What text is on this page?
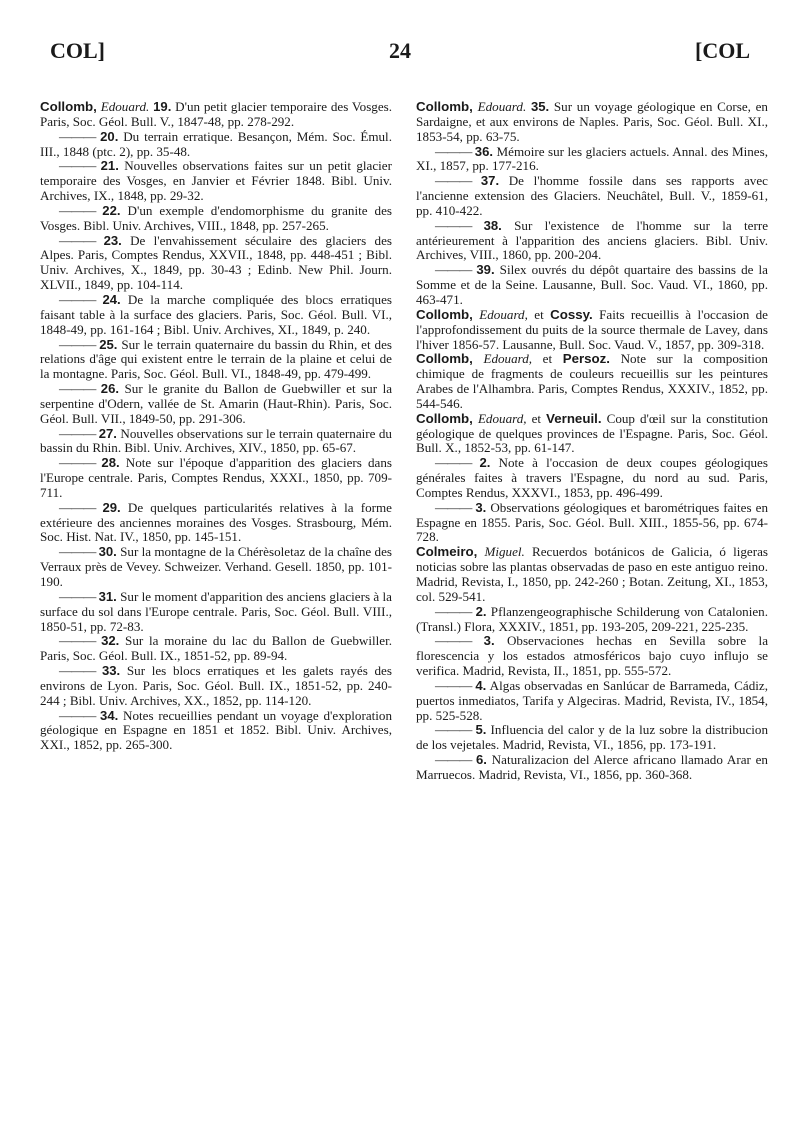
COL]	24	[COL

Collomb, Edouard. 19. D'un petit glacier temporaire des Vosges. Paris, Soc. Géol. Bull. V., 1847-48, pp. 278-292.

——— 20. Du terrain erratique. Besançon, Mém. Soc. Émul. III., 1848 (ptc. 2), pp. 35-48.

——— 21. Nouvelles observations faites sur un petit glacier temporaire des Vosges, en Janvier et Février 1848. Bibl. Univ. Archives, IX., 1848, pp. 29-32.

——— 22. D'un exemple d'endomorphisme du granite des Vosges. Bibl. Univ. Archives, VIII., 1848, pp. 257-265.

——— 23. De l'envahissement séculaire des glaciers des Alpes. Paris, Comptes Rendus, XXVII., 1848, pp. 448-451 ; Bibl. Univ. Archives, X., 1849, pp. 30-43 ; Edinb. New Phil. Journ. XLVII., 1849, pp. 104-114.

——— 24. De la marche compliquée des blocs erratiques faisant table à la surface des glaciers. Paris, Soc. Géol. Bull. VI., 1848-49, pp. 161-164 ; Bibl. Univ. Archives, XI., 1849, p. 240.

——— 25. Sur le terrain quaternaire du bassin du Rhin, et des relations d'âge qui existent entre le terrain de la plaine et celui de la montagne. Paris, Soc. Géol. Bull. VI., 1848-49, pp. 479-499.

——— 26. Sur le granite du Ballon de Guebwiller et sur la serpentine d'Odern, vallée de St. Amarin (Haut-Rhin). Paris, Soc. Géol. Bull. VII., 1849-50, pp. 291-306.

——— 27. Nouvelles observations sur le terrain quaternaire du bassin du Rhin. Bibl. Univ. Archives, XIV., 1850, pp. 65-67.

——— 28. Note sur l'époque d'apparition des glaciers dans l'Europe centrale. Paris, Comptes Rendus, XXXI., 1850, pp. 709-711.

——— 29. De quelques particularités relatives à la forme extérieure des anciennes moraines des Vosges. Strasbourg, Mém. Soc. Hist. Nat. IV., 1850, pp. 145-151.

——— 30. Sur la montagne de la Chérèsoletaz de la chaîne des Verraux près de Vevey. Schweizer. Verhand. Gesell. 1850, pp. 101-190.

——— 31. Sur le moment d'apparition des anciens glaciers à la surface du sol dans l'Europe centrale. Paris, Soc. Géol. Bull. VIII., 1850-51, pp. 72-83.

——— 32. Sur la moraine du lac du Ballon de Guebwiller. Paris, Soc. Géol. Bull. IX., 1851-52, pp. 89-94.

——— 33. Sur les blocs erratiques et les galets rayés des environs de Lyon. Paris, Soc. Géol. Bull. IX., 1851-52, pp. 240-244 ; Bibl. Univ. Archives, XX., 1852, pp. 114-120.

——— 34. Notes recueillies pendant un voyage d'exploration géologique en Espagne en 1851 et 1852. Bibl. Univ. Archives, XXI., 1852, pp. 265-300.

Collomb, Edouard. 35. Sur un voyage géologique en Corse, en Sardaigne, et aux environs de Naples. Paris, Soc. Géol. Bull. XI., 1853-54, pp. 63-75.

——— 36. Mémoire sur les glaciers actuels. Annal. des Mines, XI., 1857, pp. 177-216.

——— 37. De l'homme fossile dans ses rapports avec l'ancienne extension des Glaciers. Neuchâtel, Bull. V., 1859-61, pp. 410-422.

——— 38. Sur l'existence de l'homme sur la terre antérieurement à l'apparition des anciens glaciers. Bibl. Univ. Archives, VIII., 1860, pp. 200-204.

——— 39. Silex ouvrés du dépôt quartaire des bassins de la Somme et de la Seine. Lausanne, Bull. Soc. Vaud. VI., 1860, pp. 463-471.

Collomb, Edouard, et Cossy. Faits recueillis à l'occasion de l'approfondissement du puits de la source thermale de Lavey, dans l'hiver 1856-57. Lausanne, Bull. Soc. Vaud. V., 1857, pp. 309-318.

Collomb, Edouard, et Persoz. Note sur la composition chimique de fragments de couleurs recueillis sur les peintures Arabes de l'Alhambra. Paris, Comptes Rendus, XXXIV., 1852, pp. 544-546.

Collomb, Edouard, et Verneuil. Coup d'œil sur la constitution géologique de quelques provinces de l'Espagne. Paris, Soc. Géol. Bull. X., 1852-53, pp. 61-147.

——— 2. Note à l'occasion de deux coupes géologiques générales faites à travers l'Espagne, du nord au sud. Paris, Comptes Rendus, XXXVI., 1853, pp. 496-499.

——— 3. Observations géologiques et barométriques faites en Espagne en 1855. Paris, Soc. Géol. Bull. XIII., 1855-56, pp. 674-728.

Colmeiro, Miguel. Recuerdos botánicos de Galicia, ó ligeras noticias sobre las plantas observadas de paso en este antiguo reino. Madrid, Revista, I., 1850, pp. 242-260 ; Botan. Zeitung, XI., 1853, col. 529-541.

——— 2. Pflanzengeographische Schilderung von Catalonien. (Transl.) Flora, XXXIV., 1851, pp. 193-205, 209-221, 225-235.

——— 3. Observaciones hechas en Sevilla sobre la florescencia y los estados atmosféricos bajo cuyo influjo se verifica. Madrid, Revista, II., 1851, pp. 555-572.

——— 4. Algas observadas en Sanlúcar de Barrameda, Cádiz, puertos inmediatos, Tarifa y Algeciras. Madrid, Revista, IV., 1854, pp. 525-528.

——— 5. Influencia del calor y de la luz sobre la distribucion de los vejetales. Madrid, Revista, VI., 1856, pp. 173-191.

——— 6. Naturalizacion del Alerce africano llamado Arar en Marruecos. Madrid, Revista, VI., 1856, pp. 360-368.
